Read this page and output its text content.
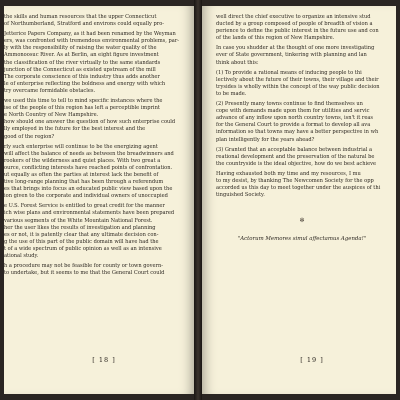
the skills and human resources that the upper Connecticut
of Northumberland, Stratford and environs could equally pro-
Jetterice Papers Company, as it had been renamed by the Weyman
ers, was confronted with tremendous environmental problems, par-
ly with the responsibility of raising the water quality of the
Ammonoosuc River. As at Berlin, an eight figure investment
the classification of the river virtually to the same standards
junction of the Connecticut as existed upstream of the mill
The corporate conscience of this industry thus adds another
le of enterprise reflecting the boldness and energy with which
try overcame formidable obstacles.
we used this time to tell to mind specific instances where the
ise of the people of this region has left a perceptible imprint
e North Country of New Hampshire.
how should one answer the question of how such enterprise could
lly employed in the future for the best interest and the
good of the region?
rly such enterprise will continue to be the energizing agent
will affect the balance of needs as between the breadwinners and
rookers of the wilderness and quiet places. With two great a
ource, conflicting interests have reached points of confrontation.
ut equally as often the parties at interest lack the benefit of
tive long-range planning that has been through a referendum
es that brings into focus an educated public view based upon the
ion given to the corporate and individual owners of unoccupied
e U.S. Forest Service is entitled to great credit for the manner
ich wise plans and environmental statements have been prepared
various segments of the White Mountain National Forest.
her the user likes the results of investigation and planning
es or not, it is patently clear that any ultimate decision con-
g the use of this part of the public domain will have had the
t of a wide spectrum of public opinion as well as an intensive
ational study.
h a procedure may not be feasible for county or town govern-
to undertake, but it seems to me that the General Court could
[ 18 ]
well direct the chief executive to organize an intensive stud
ducted by a group composed of people of breadth of vision a
perience to define the public interest in the future use and con
of the lands of this region of New Hampshire.
In case you shudder at the thought of one more investigating
ever of State government, tinkering with planning and lan
think about this:
(1) To provide a rational means of inducing people to thi
lectively about the future of their towns, their village and their
trysides is wholly within the concept of the way public decision
to be made.
(2) Presently many towns continue to find themselves un
cope with demands made upon them for utilities and servic
advance of any inflow upon north country towns, isn't it reas
for the General Court to provide a format to develop all ava
information so that towns may have a better perspective in wh
plan intelligently for the years ahead?
(3) Granted that an acceptable balance between industrial a
reational development and the preservation of the natural be
the countryside is the ideal objective, how do we best achieve
Having exhausted both my time and my resources, I mu
to my desist, by thanking The Newcomen Society for the opp
accorded us this day to meet together under the auspices of thi
tinguished Society.
✻
"Actorum Memores simul affectamus Agenda!"
[ 19 ]
